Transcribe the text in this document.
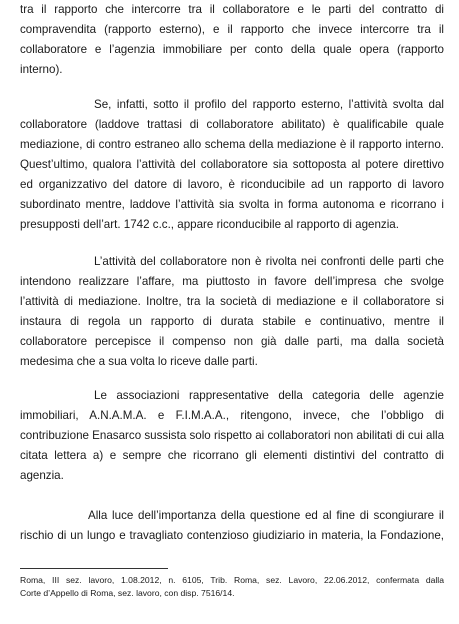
tra il rapporto che intercorre tra il collaboratore e le parti del contratto di
compravendita (rapporto esterno), e il rapporto che invece intercorre tra il
collaboratore e l’agenzia immobiliare per conto della quale opera (rapporto
interno).
Se, infatti, sotto il profilo del rapporto esterno, l’attività svolta dal
collaboratore (laddove trattasi di collaboratore abilitato) è qualificabile quale
mediazione, di contro estraneo allo schema della mediazione è il rapporto interno.
Quest’ultimo, qualora l’attività del collaboratore sia sottoposta al potere direttivo
ed organizzativo del datore di lavoro, è riconducibile ad un rapporto di lavoro
subordinato mentre, laddove l’attività sia svolta in forma autonoma e ricorrano i
presupposti dell’art. 1742 c.c., appare riconducibile al rapporto di agenzia.
L’attività del collaboratore non è rivolta nei confronti delle parti che
intendono realizzare l’affare, ma piuttosto in favore dell’impresa che svolge
l’attività di mediazione. Inoltre, tra la società di mediazione e il collaboratore si
instaura di regola un rapporto di durata stabile e continuativo, mentre il
collaboratore percepisce il compenso non già dalle parti, ma dalla società
medesima che a sua volta lo riceve dalle parti.
Le associazioni rappresentative della categoria delle agenzie
immobiliari, A.N.A.M.A. e F.I.M.A.A., ritengono, invece, che l’obbligo di
contribuzione Enasarco sussista solo rispetto ai collaboratori non abilitati di cui alla
citata lettera a) e sempre che ricorrano gli elementi distintivi del contratto di
agenzia.
Alla luce dell’importanza della questione ed al fine di scongiurare il
rischio di un lungo e travagliato contenzioso giudiziario in materia, la Fondazione,
Roma, III sez. lavoro, 1.08.2012, n. 6105, Trib. Roma, sez. Lavoro, 22.06.2012, confermata dalla
Corte d’Appello di Roma, sez. lavoro, con disp. 7516/14.
